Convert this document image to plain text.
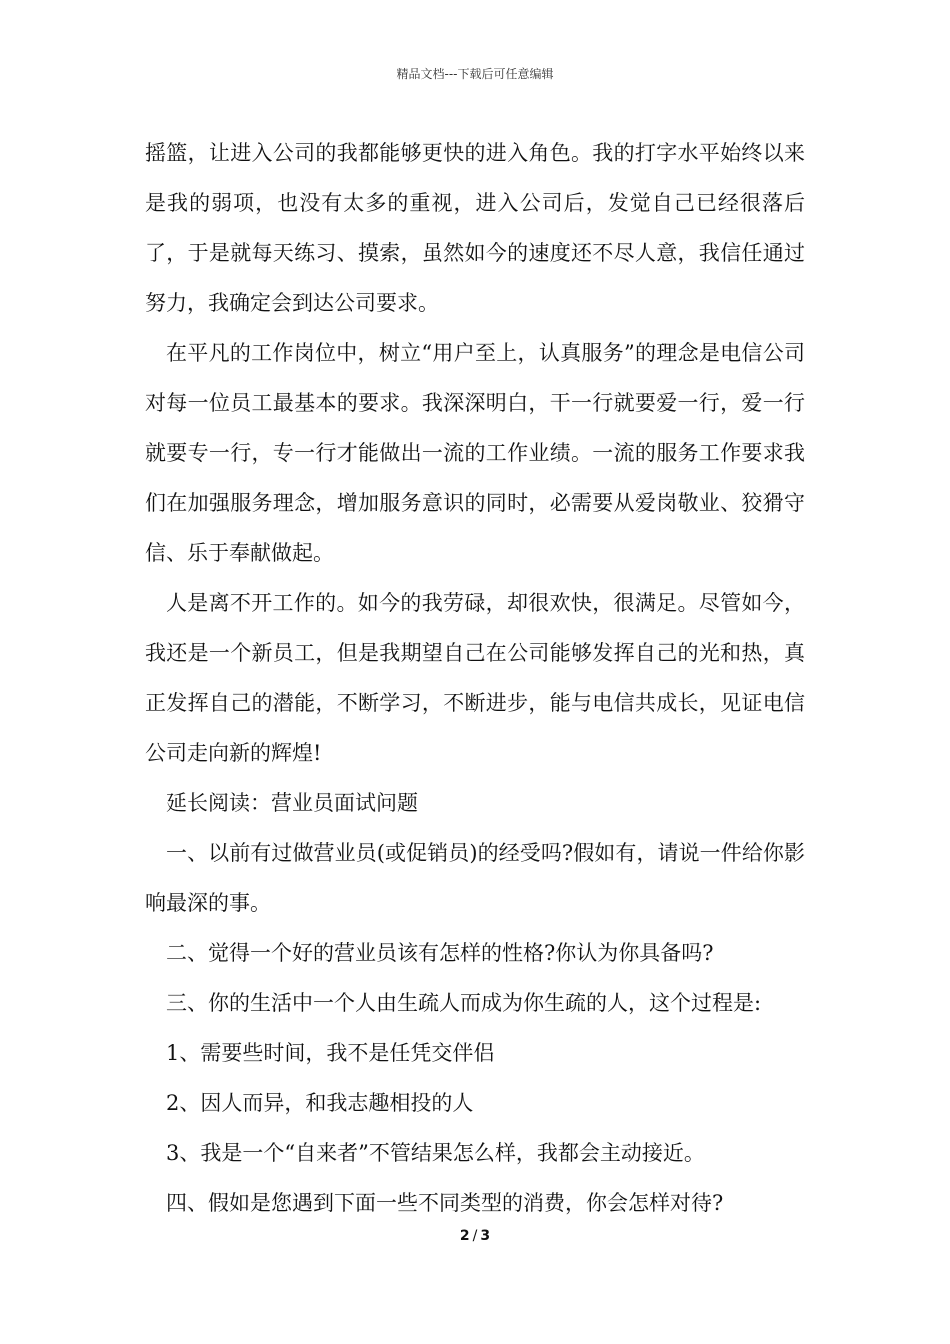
精品文档---下载后可任意编辑

摇篮，让进入公司的我都能够更快的进入角色。我的打字水平始终以来是我的弱项，也没有太多的重视，进入公司后，发觉自己已经很落后了，于是就每天练习、摸索，虽然如今的速度还不尽人意，我信任通过努力，我确定会到达公司要求。

在平凡的工作岗位中，树立“用户至上，认真服务”的理念是电信公司对每一位员工最基本的要求。我深深明白，干一行就要爱一行，爱一行就要专一行，专一行才能做出一流的工作业绩。一流的服务工作要求我们在加强服务理念，增加服务意识的同时，必需要从爱岗敬业、狡猾守信、乐于奉献做起。

人是离不开工作的。如今的我劳碌，却很欢快，很满足。尽管如今，我还是一个新员工，但是我期望自己在公司能够发挥自己的光和热，真正发挥自己的潜能，不断学习，不断进步，能与电信共成长，见证电信公司走向新的辉煌!

延长阅读：营业员面试问题

一、以前有过做营业员(或促销员)的经受吗?假如有，请说一件给你影响最深的事。

二、觉得一个好的营业员该有怎样的性格?你认为你具备吗?

三、你的生活中一个人由生疏人而成为你生疏的人，这个过程是:

1、需要些时间，我不是任凭交伴侣

2、因人而异，和我志趣相投的人

3、我是一个“自来者”不管结果怎么样，我都会主动接近。

四、假如是您遇到下面一些不同类型的消费，你会怎样对待?

2 / 3
